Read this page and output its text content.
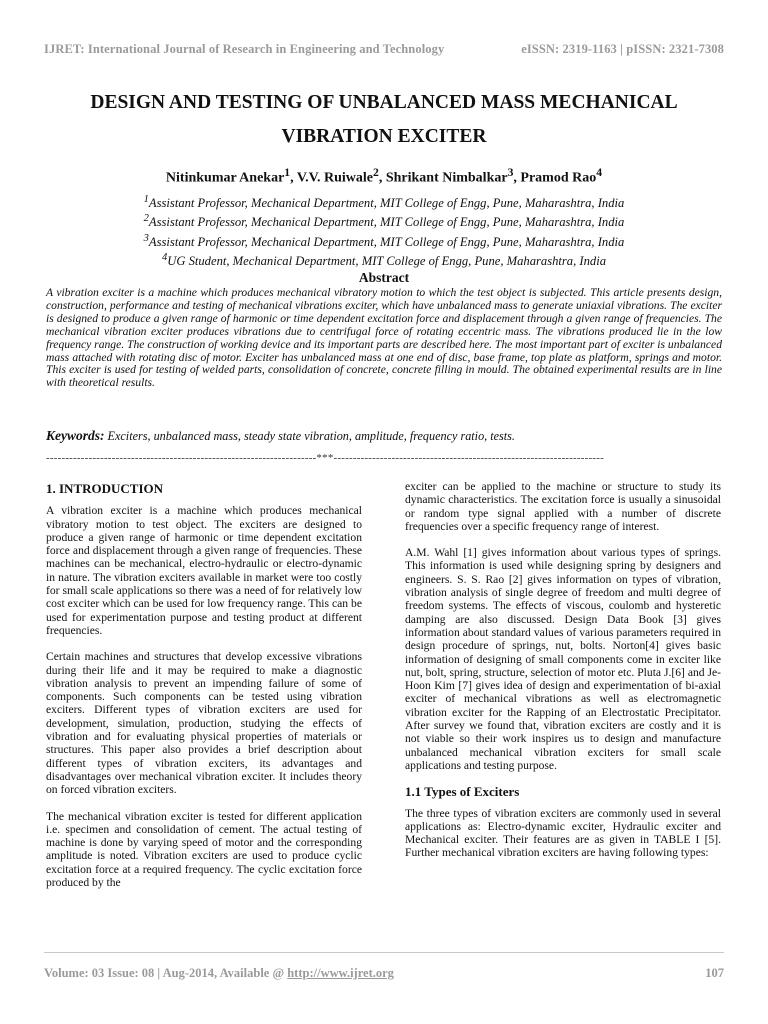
IJRET: International Journal of Research in Engineering and Technology	eISSN: 2319-1163 | pISSN: 2321-7308
DESIGN AND TESTING OF UNBALANCED MASS MECHANICAL
VIBRATION EXCITER
Nitinkumar Anekar$^1$, V.V. Ruiwale$^2$, Shrikant Nimbalkar$^3$, Pramod Rao$^4$
$^1$Assistant Professor, Mechanical Department, MIT College of Engg, Pune, Maharashtra, India
$^2$Assistant Professor, Mechanical Department, MIT College of Engg, Pune, Maharashtra, India
$^3$Assistant Professor, Mechanical Department, MIT College of Engg, Pune, Maharashtra, India
$^4$UG Student, Mechanical Department, MIT College of Engg, Pune, Maharashtra, India
Abstract
A vibration exciter is a machine which produces mechanical vibratory motion to which the test object is subjected. This article presents design, construction, performance and testing of mechanical vibrations exciter, which have unbalanced mass to generate uniaxial vibrations. The exciter is designed to produce a given range of harmonic or time dependent excitation force and displacement through a given range of frequencies. The mechanical vibration exciter produces vibrations due to centrifugal force of rotating eccentric mass. The vibrations produced lie in the low frequency range. The construction of working device and its important parts are described here. The most important part of exciter is unbalanced mass attached with rotating disc of motor. Exciter has unbalanced mass at one end of disc, base frame, top plate as platform, springs and motor. This exciter is used for testing of welded parts, consolidation of concrete, concrete filling in mould. The obtained experimental results are in line with theoretical results.
Keywords: Exciters, unbalanced mass, steady state vibration, amplitude, frequency ratio, tests.
----------------------------------------------------------------------***----------------------------------------------------------------------
1. INTRODUCTION

A vibration exciter is a machine which produces mechanical vibratory motion to test object. The exciters are designed to produce a given range of harmonic or time dependent excitation force and displacement through a given range of frequencies. These machines can be mechanical, electro-hydraulic or electro-dynamic in nature. The vibration exciters available in market were too costly for small scale applications so there was a need of for relatively low cost exciter which can be used for low frequency range. This can be used for experimentation purpose and testing product at different frequencies.

Certain machines and structures that develop excessive vibrations during their life and it may be required to make a diagnostic vibration analysis to prevent an impending failure of some of components. Such components can be tested using vibration exciters. Different types of vibration exciters are used for development, simulation, production, studying the effects of vibration and for evaluating physical properties of materials or structures. This paper also provides a brief description about different types of vibration exciters, its advantages and disadvantages over mechanical vibration exciter. It includes theory on forced vibration exciters.

The mechanical vibration exciter is tested for different application i.e. specimen and consolidation of cement. The actual testing of machine is done by varying speed of motor and the corresponding amplitude is noted. Vibration exciters are used to produce cyclic excitation force at a required frequency. The cyclic excitation force produced by the

exciter can be applied to the machine or structure to study its dynamic characteristics. The excitation force is usually a sinusoidal or random type signal applied with a number of discrete frequencies over a specific frequency range of interest.

A.M. Wahl [1] gives information about various types of springs. This information is used while designing spring by designers and engineers. S. S. Rao [2] gives information on types of vibration, vibration analysis of single degree of freedom and multi degree of freedom systems. The effects of viscous, coulomb and hysteretic damping are also discussed. Design Data Book [3] gives information about standard values of various parameters required in design procedure of springs, nut, bolts. Norton[4] gives basic information of designing of small components come in exciter like nut, bolt, spring, structure, selection of motor etc. Pluta J.[6] and Je-Hoon Kim [7] gives idea of design and experimentation of bi-axial exciter of mechanical vibrations as well as electromagnetic vibration exciter for the Rapping of an Electrostatic Precipitator. After survey we found that, vibration exciters are costly and it is not viable so their work inspires us to design and manufacture unbalanced mechanical vibration exciters for small scale applications and testing purpose.

1.1 Types of Exciters

The three types of vibration exciters are commonly used in several applications as: Electro-dynamic exciter, Hydraulic exciter and Mechanical exciter. Their features are as given in TABLE I [5]. Further mechanical vibration exciters are having following types:

Volume: 03 Issue: 08 | Aug-2014, Available @ http://www.ijret.org	107
